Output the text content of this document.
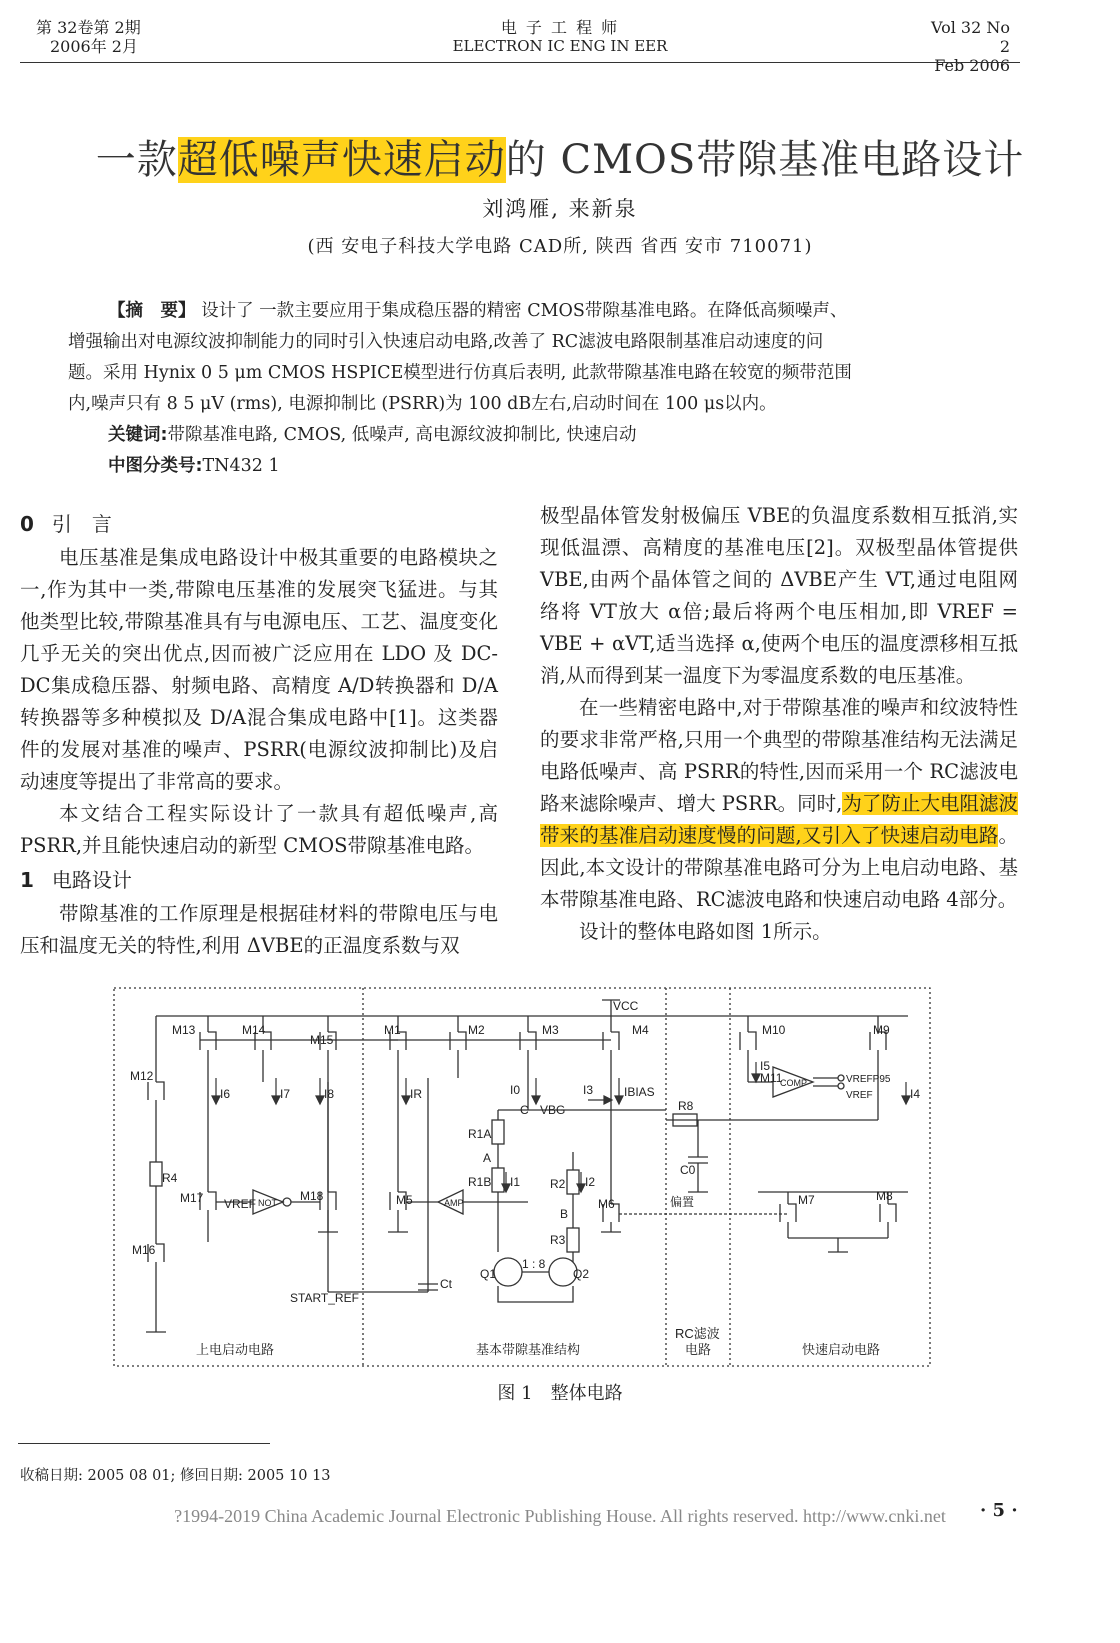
第 32卷第 2期
2006年 2月
电 子 工 程 师
ELECTRON IC ENG IN EER
Vol 32 No 2
Feb 2006
一款超低噪声快速启动的 CMOS带隙基准电路设计
刘鸿雁, 来新泉
(西 安电子科技大学电路 CAD所, 陕西 省西 安市 710071)
【摘　要】 设计了 一款主要应用于集成稳压器的精密 CMOS带隙基准电路。在降低高频噪声、
增强输出对电源纹波抑制能力的同时引入快速启动电路,改善了 RC滤波电路限制基准启动速度的问
题。采用 Hynix 0 5 μm CMOS HSPICE模型进行仿真后表明, 此款带隙基准电路在较宽的频带范围
内,噪声只有 8 5 μV (rms), 电源抑制比 (PSRR)为 100 dB左右,启动时间在 100 μs以内。
关键词:带隙基准电路, CMOS, 低噪声, 高电源纹波抑制比, 快速启动
中图分类号:TN432 1
0 引　言

电压基准是集成电路设计中极其重要的电路模块之一,作为其中一类,带隙电压基准的发展突飞猛进。与其他类型比较,带隙基准具有与电源电压、工艺、温度变化几乎无关的突出优点,因而被广泛应用在 LDO 及 DC-DC集成稳压器、射频电路、高精度 A/D转换器和 D/A转换器等多种模拟及 D/A混合集成电路中[1]。这类器件的发展对基准的噪声、PSRR(电源纹波抑制比)及启动速度等提出了非常高的要求。

本文结合工程实际设计了一款具有超低噪声,高 PSRR,并且能快速启动的新型 CMOS带隙基准电路。

1 电路设计

带隙基准的工作原理是根据硅材料的带隙电压与电压和温度无关的特性,利用 ΔVBE的正温度系数与双

极型晶体管发射极偏压 VBE的负温度系数相互抵消,实现低温漂、高精度的基准电压[2]。双极型晶体管提供 VBE,由两个晶体管之间的 ΔVBE产生 VT,通过电阻网络将 VT放大 α倍;最后将两个电压相加,即 VREF = VBE + αVT,适当选择 α,使两个电压的温度漂移相互抵消,从而得到某一温度下为零温度系数的电压基准。

在一些精密电路中,对于带隙基准的噪声和纹波特性的要求非常严格,只用一个典型的带隙基准结构无法满足电路低噪声、高 PSRR的特性,因而采用一个 RC滤波电路来滤除噪声、增大 PSRR。同时,为了防止大电阻滤波带来的基准启动速度慢的问题,又引入了快速启动电路。因此,本文设计的带隙基准电路可分为上电启动电路、基本带隙基准电路、RC滤波电路和快速启动电路 4部分。

设计的整体电路如图 1所示。

VCC
M13	M14
M15
M1	M2	M3	M4	M10	M9
M12	M11
I6	I7	I8	IR	I0	I3	IBIAS
I5
I4
C VBG	R8
R1A
A
R1B I1 R2 I2
B
R3
C0
R4
M17 VREF NOT M18	M5	AMP	M6	偏置	M7	M8
COMP	VREFP95
VREF
M16
Q1	Q2
1 : 8
START_REF
Ct
上电启动电路	基本带隙基准结构
RC滤波
电路	快速启动电路
图 1　整体电路
收稿日期: 2005 08 01; 修回日期: 2005 10 13
?1994-2019 China Academic Journal Electronic Publishing House. All rights reserved. http://www.cnki.net	· 5 ·
